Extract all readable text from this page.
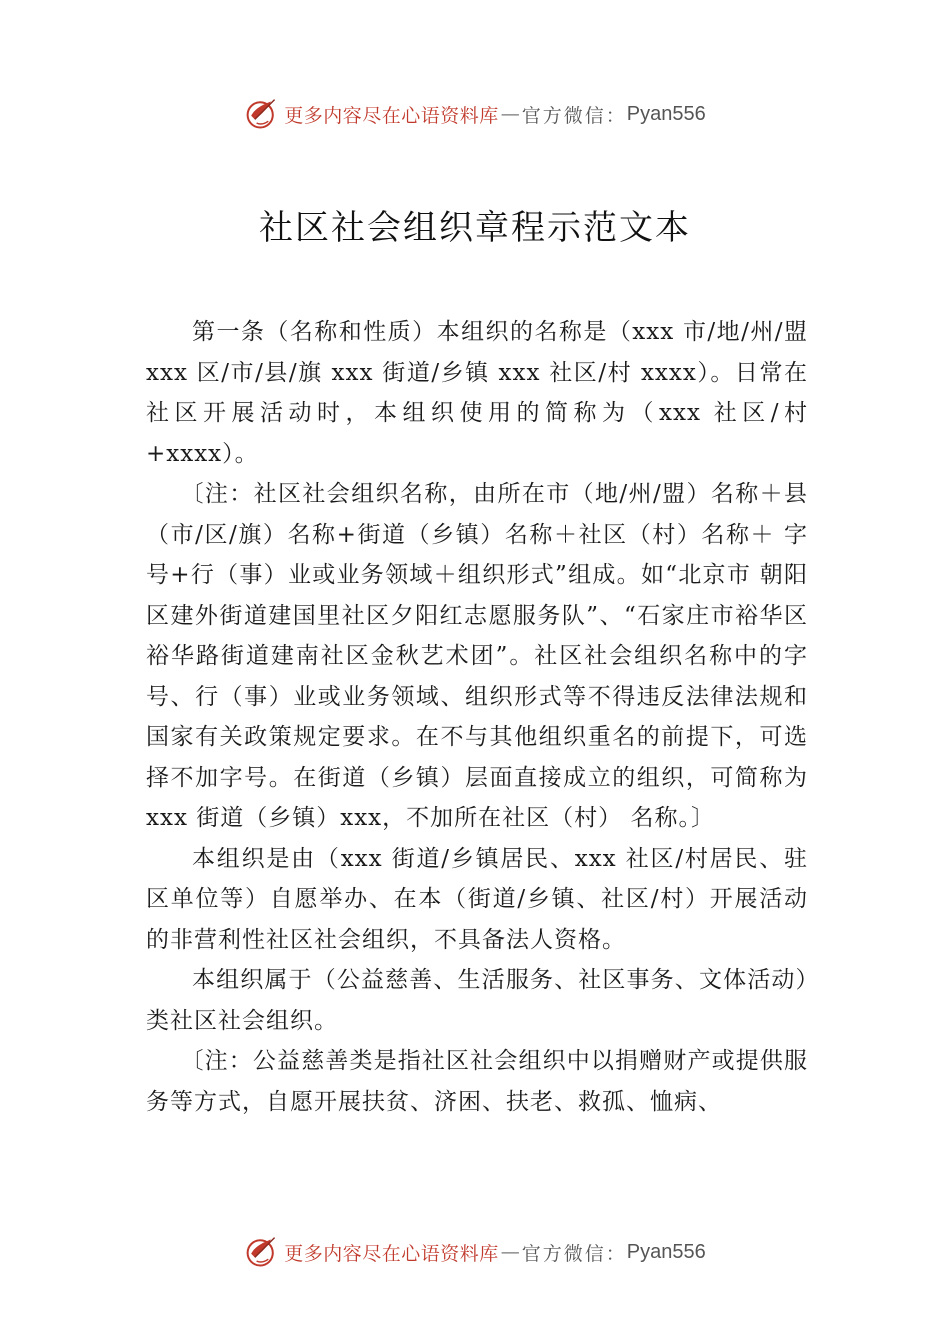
更多内容尽在心语资料库 — 官方微信： Pyan556
社区社会组织章程示范文本

第一条（名称和性质）本组织的名称是（xxx 市/地/州/盟 xxx 区/市/县/旗 xxx 街道/乡镇 xxx 社区/村 xxxx）。日常在社区开展活动时，本组织使用的简称为（xxx 社区/村+xxxx）。

〔注：社区社会组织名称，由所在市（地/州/盟）名称＋县（市/区/旗）名称+街道（乡镇）名称＋社区（村）名称＋ 字号+行（事）业或业务领域＋组织形式”组成。如“北京市 朝阳区建外街道建国里社区夕阳红志愿服务队”、“石家庄市裕华区裕华路街道建南社区金秋艺术团”。社区社会组织名称中的字号、行（事）业或业务领域、组织形式等不得违反法律法规和国家有关政策规定要求。在不与其他组织重名的前提下，可选择不加字号。在街道（乡镇）层面直接成立的组织，可简称为 xxx 街道（乡镇）xxx，不加所在社区（村） 名称。〕

本组织是由（xxx 街道/乡镇居民、xxx 社区/村居民、驻区单位等）自愿举办、在本（街道/乡镇、社区/村）开展活动的非营利性社区社会组织，不具备法人资格。

本组织属于（公益慈善、生活服务、社区事务、文体活动）类社区社会组织。

〔注：公益慈善类是指社区社会组织中以捐赠财产或提供服务等方式，自愿开展扶贫、济困、扶老、救孤、恤病、

更多内容尽在心语资料库 — 官方微信： Pyan556
